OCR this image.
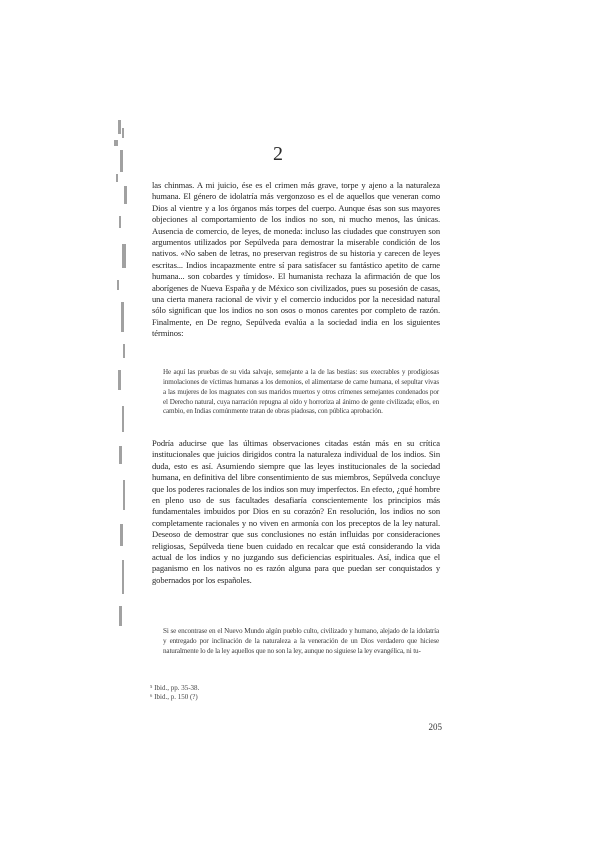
2

las chinmas. A mi juicio, ése es el crimen más grave, torpe y ajeno a la naturaleza humana. El género de idolatría más vergonzoso es el de aquellos que veneran como Dios al vientre y a los órganos más torpes del cuerpo. Aunque ésas son sus mayores objeciones al comportamiento de los indios no son, ni mucho menos, las únicas. Ausencia de comercio, de leyes, de moneda: incluso las ciudades que construyen son argumentos utilizados por Sepúlveda para demostrar la miserable condición de los nativos. «No saben de letras, no preservan registros de su historia y carecen de leyes escritas... Indios incapazmente entre sí para satisfacer su fantástico apetito de carne humana... son cobardes y tímidos». El humanista rechaza la afirmación de que los aborígenes de Nueva España y de México son civilizados, pues su posesión de casas, una cierta manera racional de vivir y el comercio inducidos por la necesidad natural sólo significan que los indios no son osos o monos carentes por completo de razón. Finalmente, en De regno, Sepúlveda evalúa a la sociedad india en los siguientes términos:

He aquí las pruebas de su vida salvaje, semejante a la de las bestias: sus execrables y prodigiosas inmolaciones de víctimas humanas a los demonios, el alimentarse de carne humana, el sepultar vivas a las mujeres de los magnates con sus maridos muertos y otros crímenes semejantes condenados por el Derecho natural, cuya narración repugna al oído y horroriza al ánimo de gente civilizada; ellos, en cambio, en Indias comúnmente tratan de obras piadosas, con pública aprobación.

Podría aducirse que las últimas observaciones citadas están más en su crítica institucionales que juicios dirigidos contra la naturaleza individual de los indios. Sin duda, esto es así. Asumiendo siempre que las leyes institucionales de la sociedad humana, en definitiva del libre consentimiento de sus miembros, Sepúlveda concluye que los poderes racionales de los indios son muy imperfectos. En efecto, ¿qué hombre en pleno uso de sus facultades desafiaría conscientemente los principios más fundamentales imbuidos por Dios en su corazón? En resolución, los indios no son completamente racionales y no viven en armonía con los preceptos de la ley natural. Deseoso de demostrar que sus conclusiones no están influidas por consideraciones religiosas, Sepúlveda tiene buen cuidado en recalcar que está considerando la vida actual de los indios y no juzgando sus deficiencias espirituales. Así, indica que el paganismo en los nativos no es razón alguna para que puedan ser conquistados y gobernados por los españoles.

Si se encontrase en el Nuevo Mundo algún pueblo culto, civilizado y humano, alejado de la idolatría y entregado por inclinación de la naturaleza a la veneración de un Dios verdadero que hiciese naturalmente lo de la ley aquellos que no son la ley, aunque no siguiese la ley evangélica, ni tu-

⁵ Ibid., pp. 35-38.
⁶ Ibid., p. 150 (?)
205
